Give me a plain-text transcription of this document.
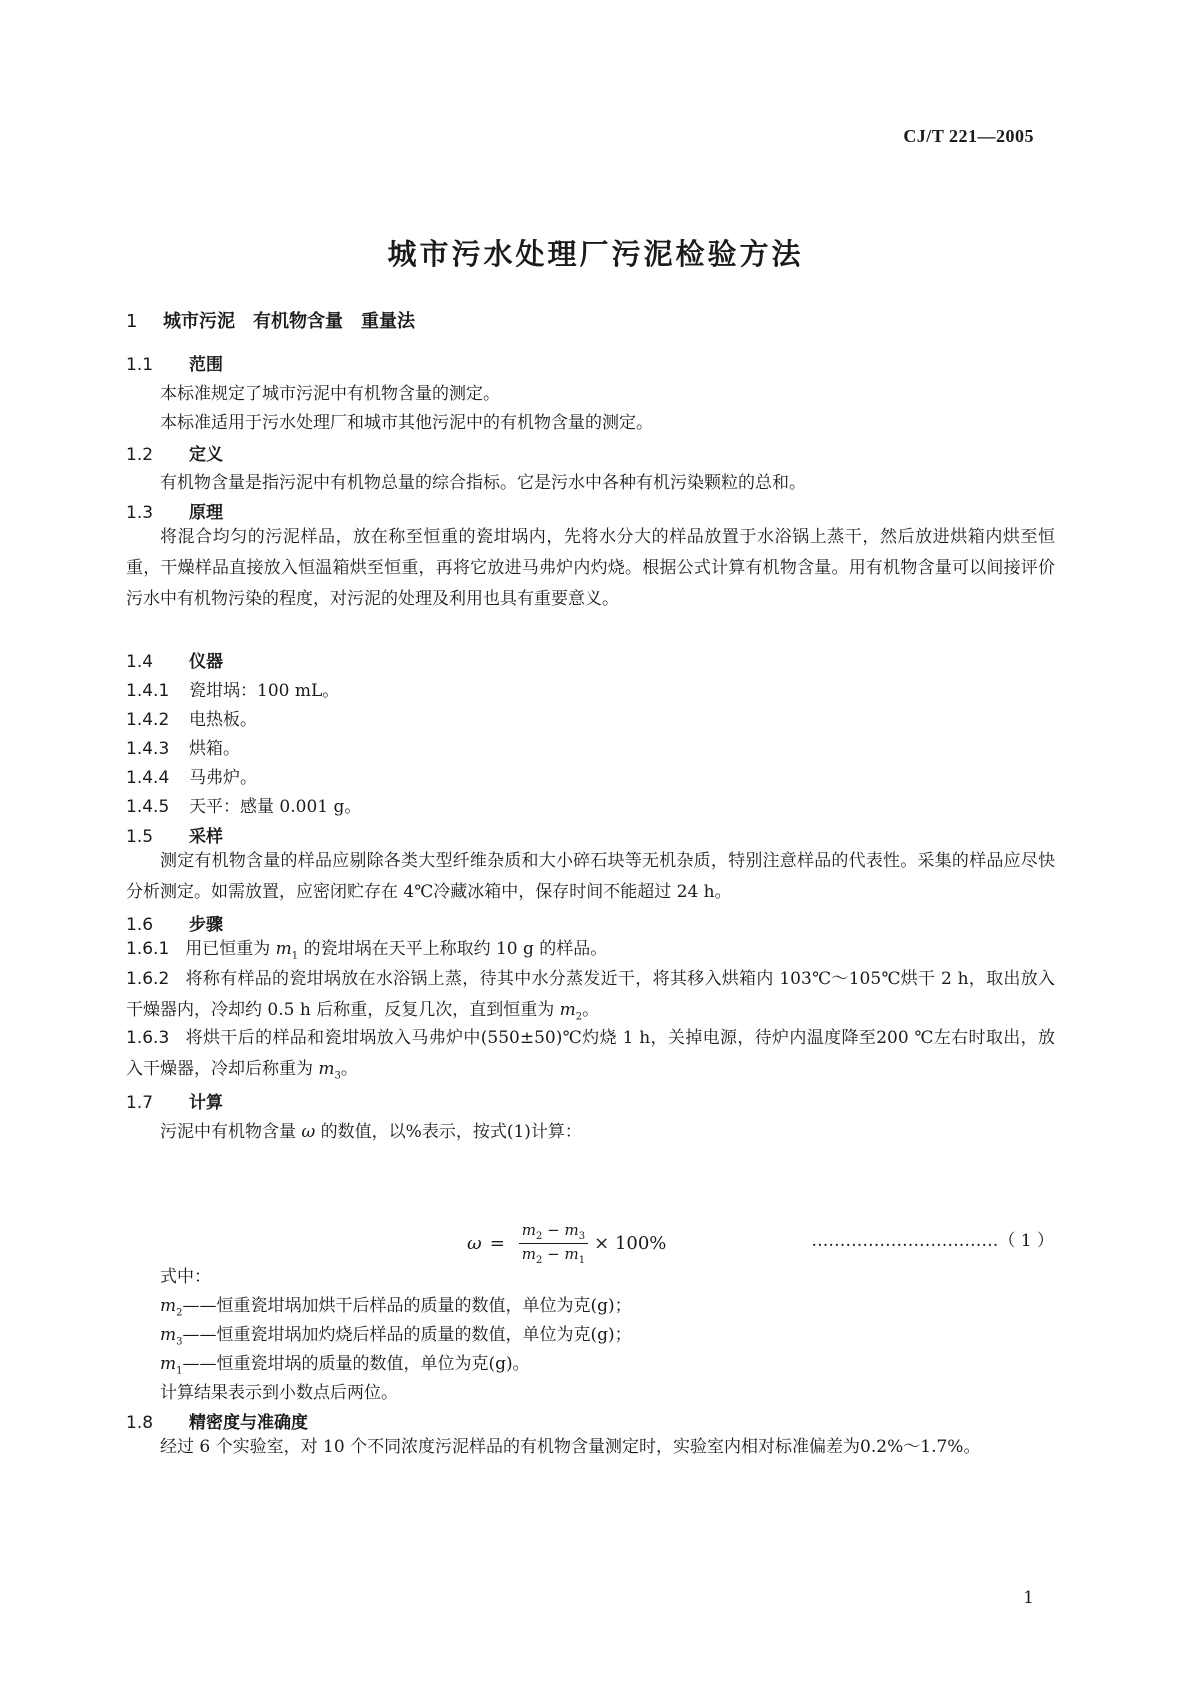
CJ/T 221—2005
城市污水处理厂污泥检验方法
1 城市污泥　有机物含量　重量法
1.1 范围
本标准规定了城市污泥中有机物含量的测定。
本标准适用于污水处理厂和城市其他污泥中的有机物含量的测定。
1.2 定义
有机物含量是指污泥中有机物总量的综合指标。它是污水中各种有机污染颗粒的总和。
1.3 原理
将混合均匀的污泥样品，放在称至恒重的瓷坩埚内，先将水分大的样品放置于水浴锅上蒸干，然后放进烘箱内烘至恒重，干燥样品直接放入恒温箱烘至恒重，再将它放进马弗炉内灼烧。根据公式计算有机物含量。用有机物含量可以间接评价污水中有机物污染的程度，对污泥的处理及利用也具有重要意义。
1.4 仪器
1.4.1 瓷坩埚：100 mL。
1.4.2 电热板。
1.4.3 烘箱。
1.4.4 马弗炉。
1.4.5 天平：感量 0.001 g。
1.5 采样
测定有机物含量的样品应剔除各类大型纤维杂质和大小碎石块等无机杂质，特别注意样品的代表性。采集的样品应尽快分析测定。如需放置，应密闭贮存在 4℃冷藏冰箱中，保存时间不能超过 24 h。
1.6 步骤
1.6.1 用已恒重为 $m_1$ 的瓷坩埚在天平上称取约 10 g 的样品。
1.6.2 将称有样品的瓷坩埚放在水浴锅上蒸，待其中水分蒸发近干，将其移入烘箱内 103℃～105℃烘干 2 h，取出放入干燥器内，冷却约 0.5 h 后称重，反复几次，直到恒重为 $m_2$。
1.6.3 将烘干后的样品和瓷坩埚放入马弗炉中(550±50)℃灼烧 1 h，关掉电源，待炉内温度降至200 ℃左右时取出，放入干燥器，冷却后称重为 $m_3$。
1.7 计算
污泥中有机物含量 ω 的数值，以%表示，按式(1)计算：
$\omega = \frac{m_2 - m_3}{m_2 - m_1} \times 100\%$	……………………………（ 1 ）
式中：
$m_2——$恒重瓷坩埚加烘干后样品的质量的数值，单位为克(g)；
$m_3——$恒重瓷坩埚加灼烧后样品的质量的数值，单位为克(g)；
$m_1——$恒重瓷坩埚的质量的数值，单位为克(g)。
计算结果表示到小数点后两位。
1.8 精密度与准确度
经过 6 个实验室，对 10 个不同浓度污泥样品的有机物含量测定时，实验室内相对标准偏差为0.2%～1.7%。
1
